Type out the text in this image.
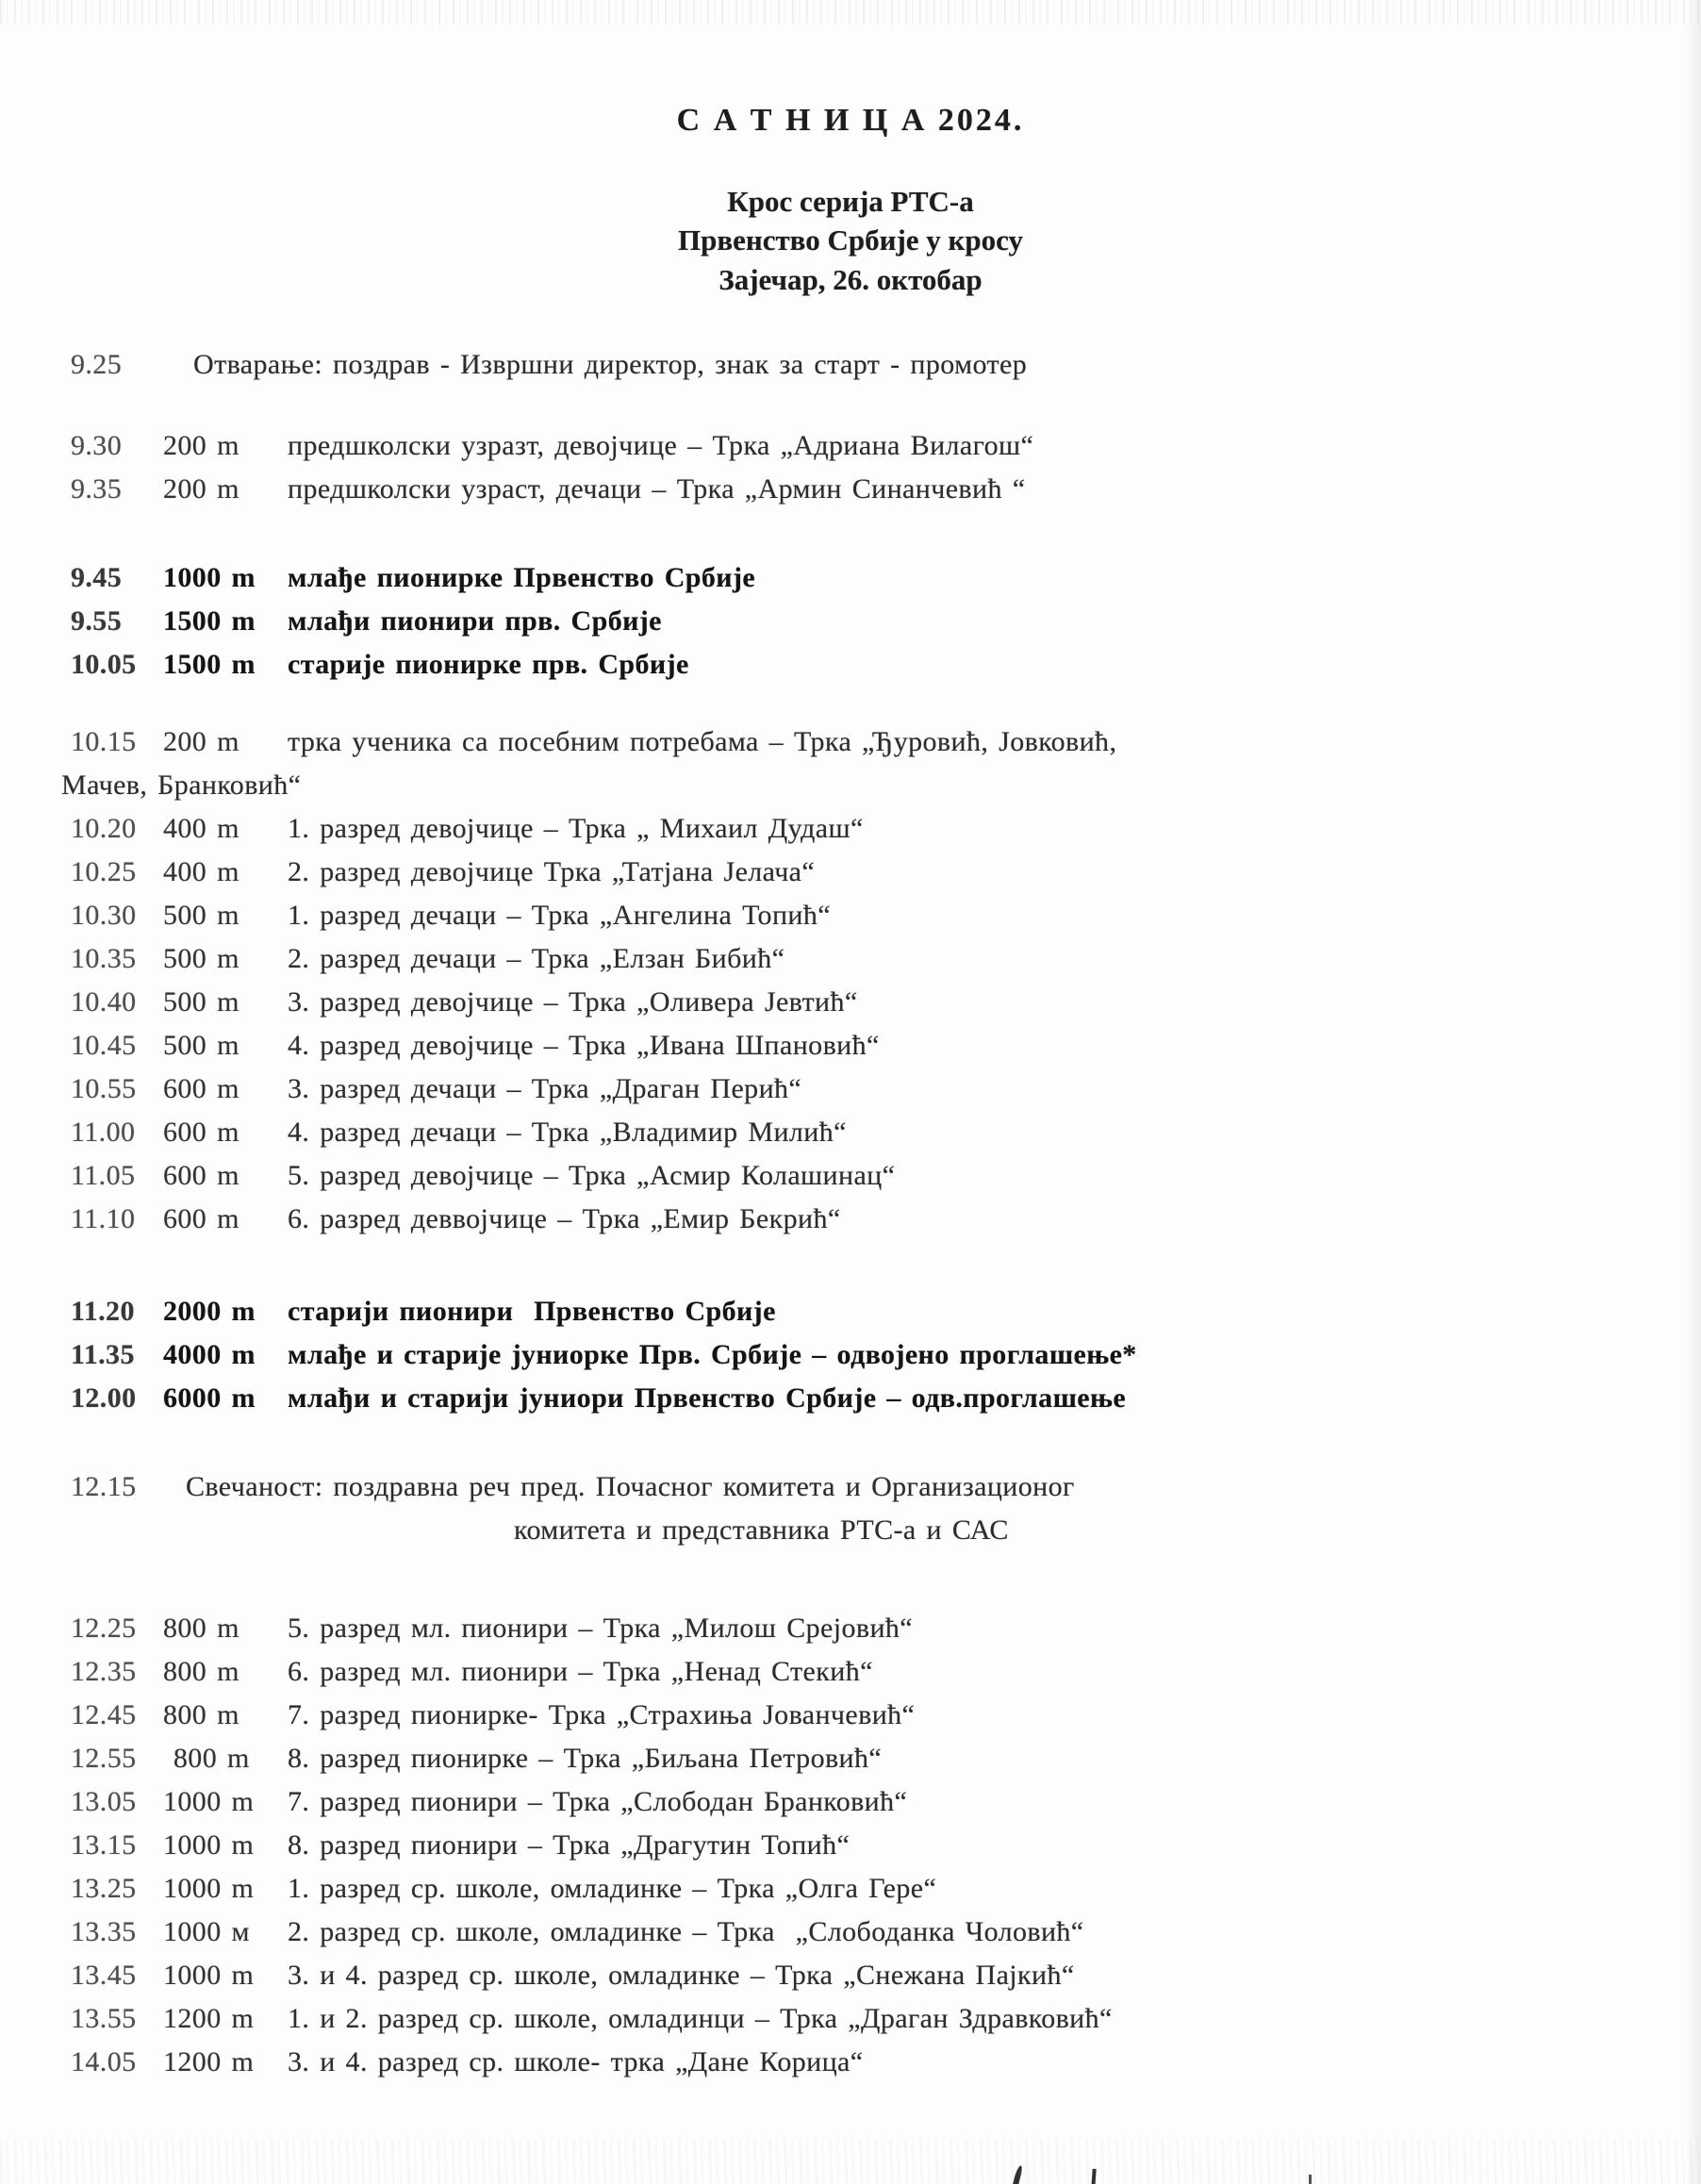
С А Т Н И Ц А 2024.
Крос серија РТС-а
Првенство Србије у кросу
Зајечар, 26. октобар
9.25	Отварање: поздрав - Извршни директор, знак за старт - промотер
9.30	200 m	предшколски узразт, девојчице – Трка „Адриана Вилагош“
9.35	200 m	предшколски узраст, дечаци – Трка „Армин Синанчевић “
9.45	1000 m	млађе пионирке Првенство Србије
9.55	1500 m	млађи пионири прв. Србије
10.05 1500 m	старије пионирке прв. Србије
10.15 200 m	трка ученика са посебним потребама – Трка „Ђуровић, Јовковић,
Мачев, Бранковић“
10.20 400 m	1. разред девојчице – Трка „ Михаил Дудаш“
10.25 400 m	2. разред девојчице Трка „Татјана Јелача“
10.30 500 m	1. разред дечаци – Трка „Ангелина Топић“
10.35 500 m	2. разред дечаци – Трка „Елзан Бибић“
10.40 500 m	3. разред девојчице – Трка „Оливера Јевтић“
10.45 500 m	4. разред девојчице – Трка „Ивана Шпановић“
10.55 600 m	3. разред дечаци – Трка „Драган Перић“
11.00 600 m	4. разред дечаци – Трка „Владимир Милић“
11.05 600 m	5. разред девојчице – Трка „Асмир Колашинац“
11.10 600 m	6. разред деввојчице – Трка „Емир Бекрић“
11.20	2000 m	старији пионири  Првенство Србије
11.35	4000 m	млађе и старије јуниорке Прв. Србије – одвојено проглашење*
12.00 6000 m	млађи и старији јуниори Првенство Србије – одв.проглашење
12.15	Свечаност: поздравна реч пред. Почасног комитета и Организационог
комитета и представника РТС-а и САС
12.25 800 m	5. разред мл. пионири – Трка „Милош Срејовић“
12.35 800 m	6. разред мл. пионири – Трка „Ненад Стекић“
12.45 800 m	7. разред пионирке- Трка „Страхиња Јованчевић“
12.55 800 m	8. разред пионирке – Трка „Биљана Петровић“
13.05 1000 m	7. разред пионири – Трка „Слободан Бранковић“
13.15 1000 m	8. разред пионири – Трка „Драгутин Топић“
13.25 1000 m	1. разред ср. школе, омладинке – Трка „Олга Гере“
13.35 1000 м	2. разред ср. школе, омладинке – Трка  „Слободанка Чоловић“
13.45 1000 m	3. и 4. разред ср. школе, омладинке – Трка „Снежана Пајкић“
13.55 1200 m	1. и 2. разред ср. школе, омладинци – Трка „Драган Здравковић“
14.05 1200 m	3. и 4. разред ср. школе- трка „Дане Корица“
